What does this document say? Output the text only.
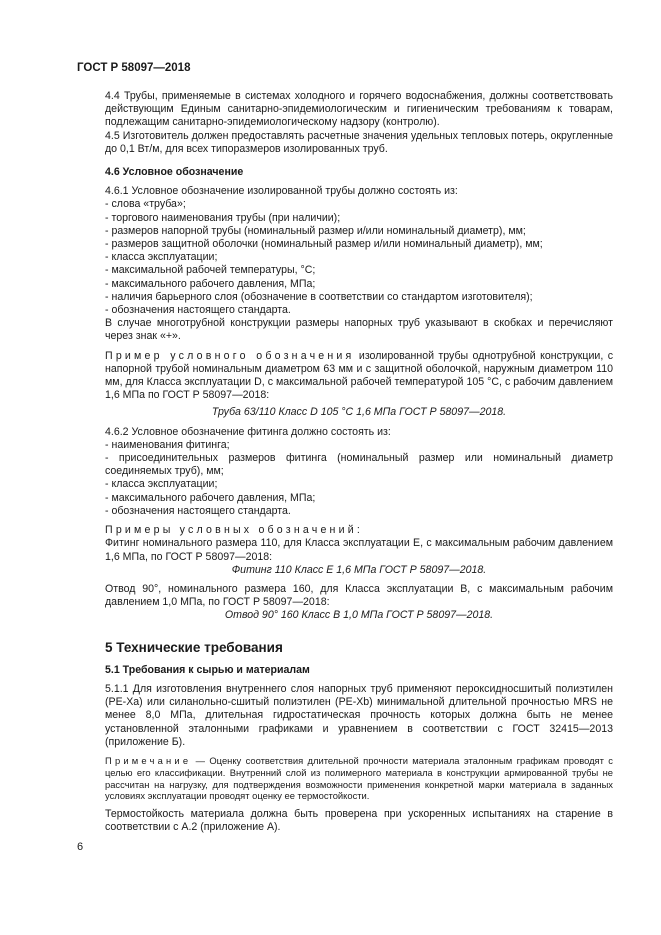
ГОСТ Р 58097—2018

4.4 Трубы, применяемые в системах холодного и горячего водоснабжения, должны соответствовать действующим Единым санитарно-эпидемиологическим и гигиеническим требованиям к товарам, подлежащим санитарно-эпидемиологическому надзору (контролю).

4.5 Изготовитель должен предоставлять расчетные значения удельных тепловых потерь, округленные до 0,1 Вт/м, для всех типоразмеров изолированных труб.

4.6 Условное обозначение

4.6.1 Условное обозначение изолированной трубы должно состоять из:

- слова «труба»;

- торгового наименования трубы (при наличии);

- размеров напорной трубы (номинальный размер и/или номинальный диаметр), мм;

- размеров защитной оболочки (номинальный размер и/или номинальный диаметр), мм;

- класса эксплуатации;

- максимальной рабочей температуры, °С;

- максимального рабочего давления, МПа;

- наличия барьерного слоя (обозначение в соответствии со стандартом изготовителя);

- обозначения настоящего стандарта.

В случае многотрубной конструкции размеры напорных труб указывают в скобках и перечисляют через знак «+».

Пример условного обозначения изолированной трубы однотрубной конструкции, с напорной трубой номинальным диаметром 63 мм и с защитной оболочкой, наружным диаметром 110 мм, для Класса эксплуатации D, с максимальной рабочей температурой 105 °С, с рабочим давлением 1,6 МПа по ГОСТ Р 58097—2018:

Труба 63/110 Класс D 105 °С 1,6 МПа ГОСТ Р 58097—2018.

4.6.2 Условное обозначение фитинга должно состоять из:

- наименования фитинга;

- присоединительных размеров фитинга (номинальный размер или номинальный диаметр соединяемых труб), мм;

- класса эксплуатации;

- максимального рабочего давления, МПа;

- обозначения настоящего стандарта.

Примеры условных обозначений:

Фитинг номинального размера 110, для Класса эксплуатации Е, с максимальным рабочим давлением 1,6 МПа, по ГОСТ Р 58097—2018:

Фитинг 110 Класс Е 1,6 МПа ГОСТ Р 58097—2018.

Отвод 90°, номинального размера 160, для Класса эксплуатации В, с максимальным рабочим давлением 1,0 МПа, по ГОСТ Р 58097—2018:

Отвод 90° 160 Класс В 1,0 МПа ГОСТ Р 58097—2018.

5 Технические требования

5.1 Требования к сырью и материалам

5.1.1 Для изготовления внутреннего слоя напорных труб применяют пероксидносшитый полиэтилен (РЕ-Ха) или силанольно-сшитый полиэтилен (РЕ-Xb) минимальной длительной прочностью MRS не менее 8,0 МПа, длительная гидростатическая прочность которых должна быть не менее установленной эталонными графиками и уравнением в соответствии с ГОСТ 32415—2013 (приложение Б).

Примечание — Оценку соответствия длительной прочности материала эталонным графикам проводят с целью его классификации. Внутренний слой из полимерного материала в конструкции армированной трубы не рассчитан на нагрузку, для подтверждения возможности применения конкретной марки материала в заданных условиях эксплуатации проводят оценку ее термостойкости.

Термостойкость материала должна быть проверена при ускоренных испытаниях на старение в соответствии с А.2 (приложение А).

6
